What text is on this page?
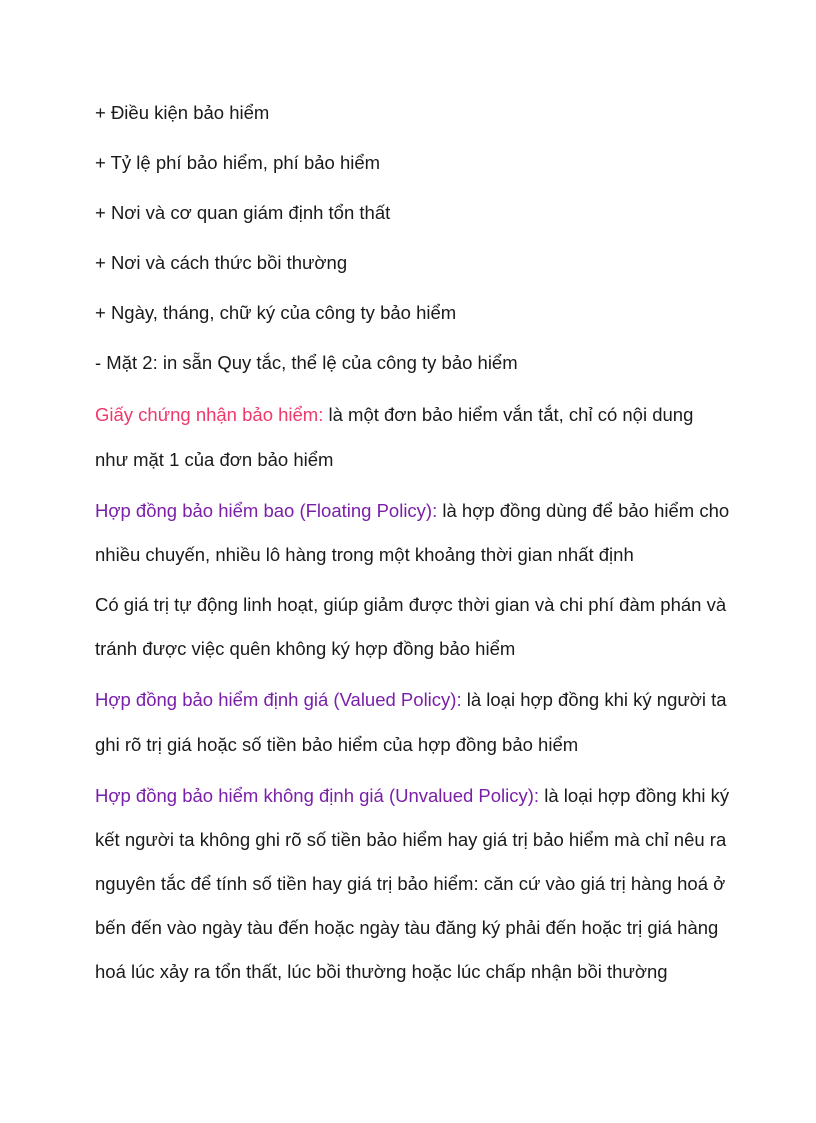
+ Điều kiện bảo hiểm

+ Tỷ lệ phí bảo hiểm, phí bảo hiểm

+ Nơi và cơ quan giám định tổn thất

+ Nơi và cách thức bồi thường

+ Ngày, tháng, chữ ký của công ty bảo hiểm

- Mặt 2: in sẵn Quy tắc, thể lệ của công ty bảo hiểm

Giấy chứng nhận bảo hiểm: là một đơn bảo hiểm vắn tắt, chỉ có nội dung

như mặt 1 của đơn bảo hiểm

Hợp đồng bảo hiểm bao (Floating Policy): là hợp đồng dùng để bảo hiểm cho

nhiều chuyến, nhiều lô hàng trong một khoảng thời gian nhất định

Có giá trị tự động linh hoạt, giúp giảm được thời gian và chi phí đàm phán và

tránh được việc quên không ký hợp đồng bảo hiểm

Hợp đồng bảo hiểm định giá (Valued Policy): là loại hợp đồng khi ký người ta

ghi rõ trị giá hoặc số tiền bảo hiểm của hợp đồng bảo hiểm

Hợp đồng bảo hiểm không định giá (Unvalued Policy): là loại hợp đồng khi ký

kết người ta không ghi rõ số tiền bảo hiểm hay giá trị bảo hiểm mà chỉ nêu ra

nguyên tắc để tính số tiền hay giá trị bảo hiểm: căn cứ vào giá trị hàng hoá ở

bến đến vào ngày tàu đến hoặc ngày tàu đăng ký phải đến hoặc trị giá hàng

hoá lúc xảy ra tổn thất, lúc bồi thường hoặc lúc chấp nhận bồi thường
